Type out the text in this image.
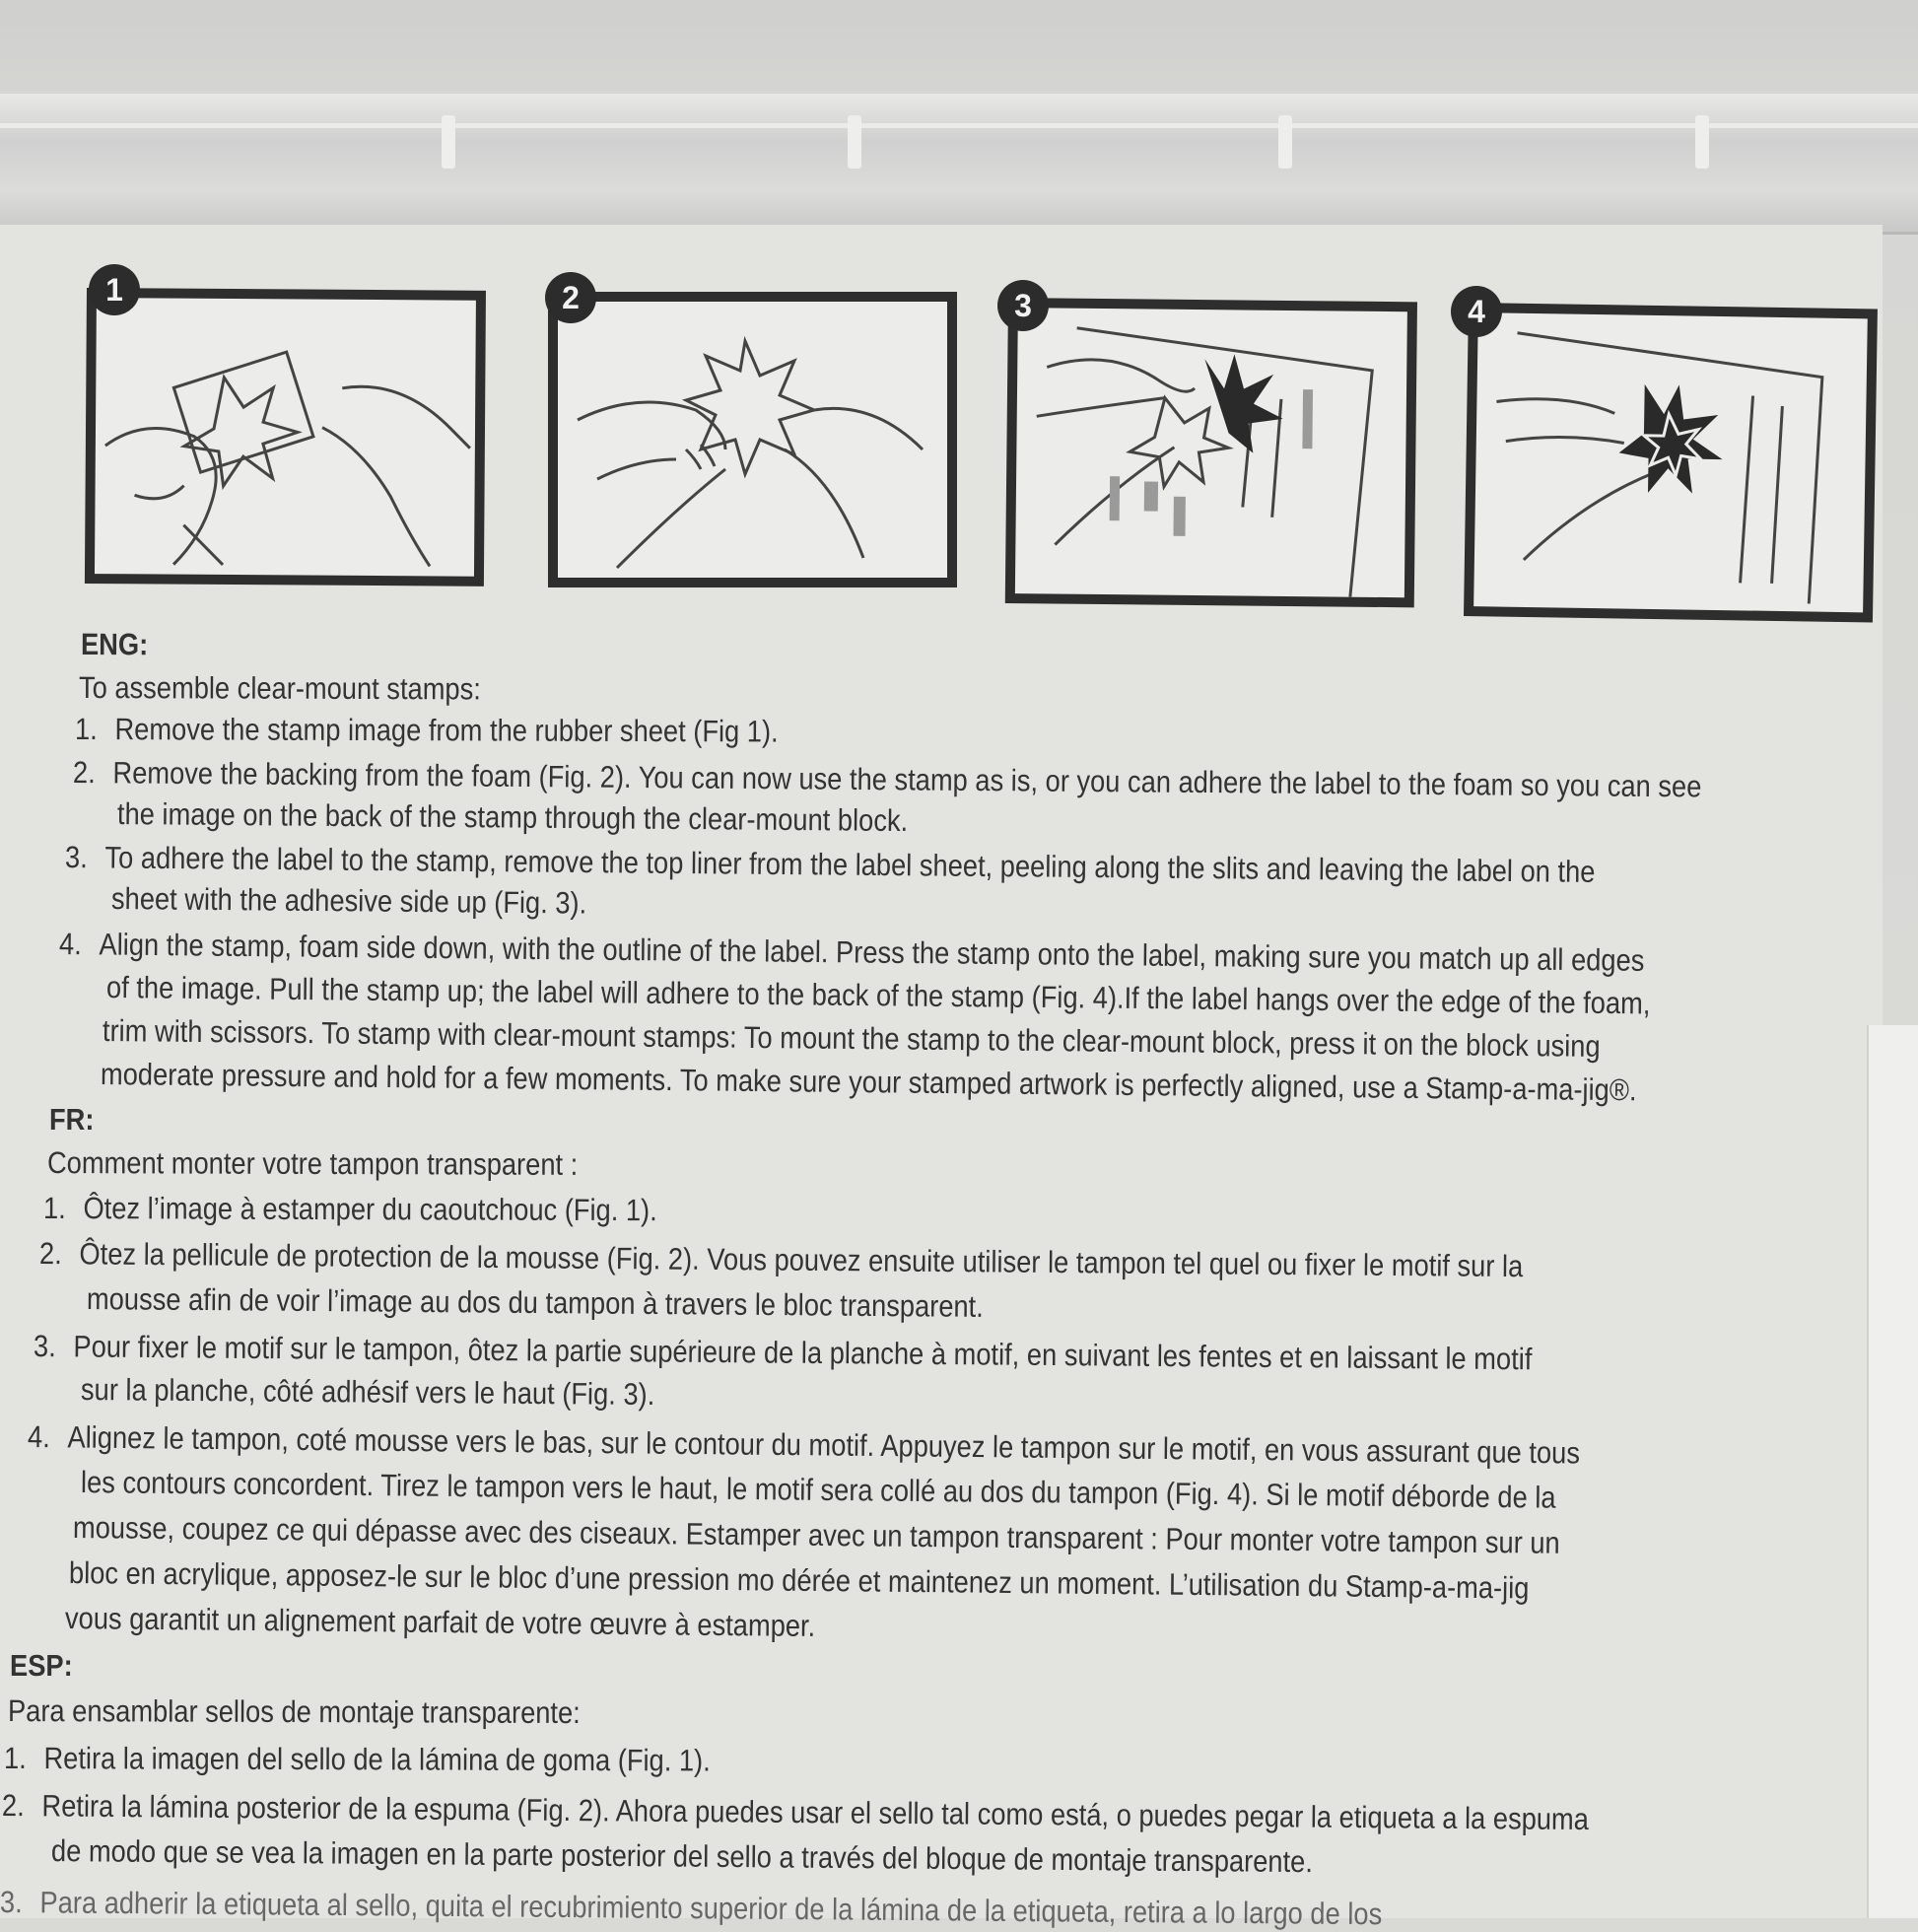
1	2	3	4
ENG:
To assemble clear-mount stamps:
1. Remove the stamp image from the rubber sheet (Fig 1).
2. Remove the backing from the foam (Fig. 2). You can now use the stamp as is, or you can adhere the label to the foam so you can see
the image on the back of the stamp through the clear-mount block.
3. To adhere the label to the stamp, remove the top liner from the label sheet, peeling along the slits and leaving the label on the
sheet with the adhesive side up (Fig. 3).
4. Align the stamp, foam side down, with the outline of the label. Press the stamp onto the label, making sure you match up all edges
of the image. Pull the stamp up; the label will adhere to the back of the stamp (Fig. 4).If the label hangs over the edge of the foam,
trim with scissors. To stamp with clear-mount stamps: To mount the stamp to the clear-mount block, press it on the block using
moderate pressure and hold for a few moments. To make sure your stamped artwork is perfectly aligned, use a Stamp-a-ma-jig®.
FR:
Comment monter votre tampon transparent :
1. Ôtez l’image à estamper du caoutchouc (Fig. 1).
2. Ôtez la pellicule de protection de la mousse (Fig. 2). Vous pouvez ensuite utiliser le tampon tel quel ou fixer le motif sur la
mousse afin de voir l’image au dos du tampon à travers le bloc transparent.
3. Pour fixer le motif sur le tampon, ôtez la partie supérieure de la planche à motif, en suivant les fentes et en laissant le motif
sur la planche, côté adhésif vers le haut (Fig. 3).
4. Alignez le tampon, coté mousse vers le bas, sur le contour du motif. Appuyez le tampon sur le motif, en vous assurant que tous
les contours concordent. Tirez le tampon vers le haut, le motif sera collé au dos du tampon (Fig. 4). Si le motif déborde de la
mousse, coupez ce qui dépasse avec des ciseaux. Estamper avec un tampon transparent : Pour monter votre tampon sur un
bloc en acrylique, apposez-le sur le bloc d’une pression mo dérée et maintenez un moment. L’utilisation du Stamp-a-ma-jig
vous garantit un alignement parfait de votre œuvre à estamper.
ESP:
Para ensamblar sellos de montaje transparente:
1. Retira la imagen del sello de la lámina de goma (Fig. 1).
2. Retira la lámina posterior de la espuma (Fig. 2). Ahora puedes usar el sello tal como está, o puedes pegar la etiqueta a la espuma
de modo que se vea la imagen en la parte posterior del sello a través del bloque de montaje transparente.
3. Para adherir la etiqueta al sello, quita el recubrimiento superior de la lámina de la etiqueta, retira a lo largo de los
